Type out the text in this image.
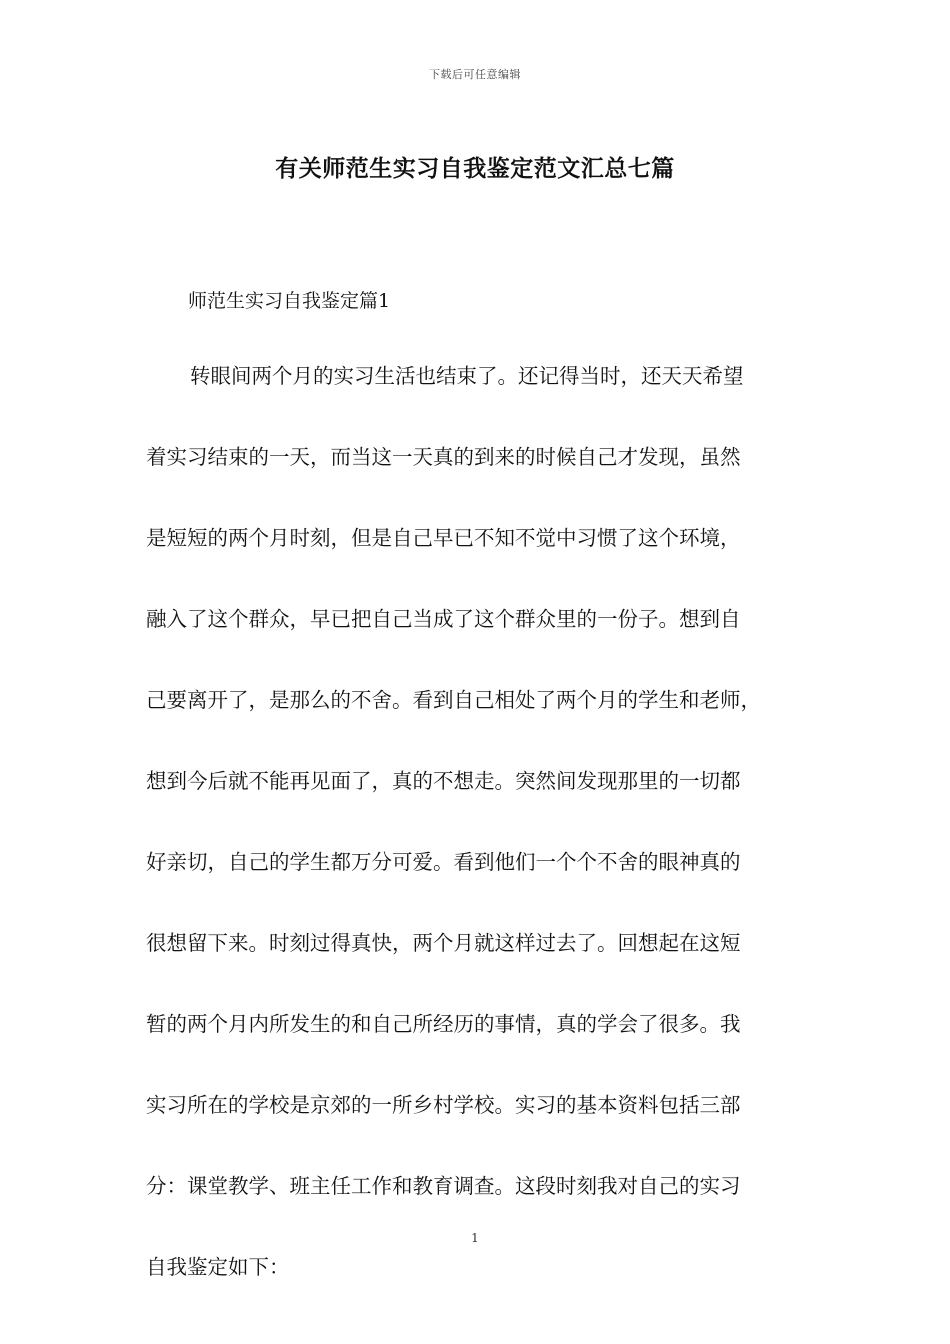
下载后可任意编辑
有关师范生实习自我鉴定范文汇总七篇
师范生实习自我鉴定篇1
转眼间两个月的实习生活也结束了。还记得当时，还天天希望
着实习结束的一天，而当这一天真的到来的时候自己才发现，虽然
是短短的两个月时刻，但是自己早已不知不觉中习惯了这个环境，
融入了这个群众，早已把自己当成了这个群众里的一份子。想到自
己要离开了，是那么的不舍。看到自己相处了两个月的学生和老师，
想到今后就不能再见面了，真的不想走。突然间发现那里的一切都
好亲切，自己的学生都万分可爱。看到他们一个个不舍的眼神真的
很想留下来。时刻过得真快，两个月就这样过去了。回想起在这短
暂的两个月内所发生的和自己所经历的事情，真的学会了很多。我
实习所在的学校是京郊的一所乡村学校。实习的基本资料包括三部
分：课堂教学、班主任工作和教育调查。这段时刻我对自己的实习
自我鉴定如下：
1
